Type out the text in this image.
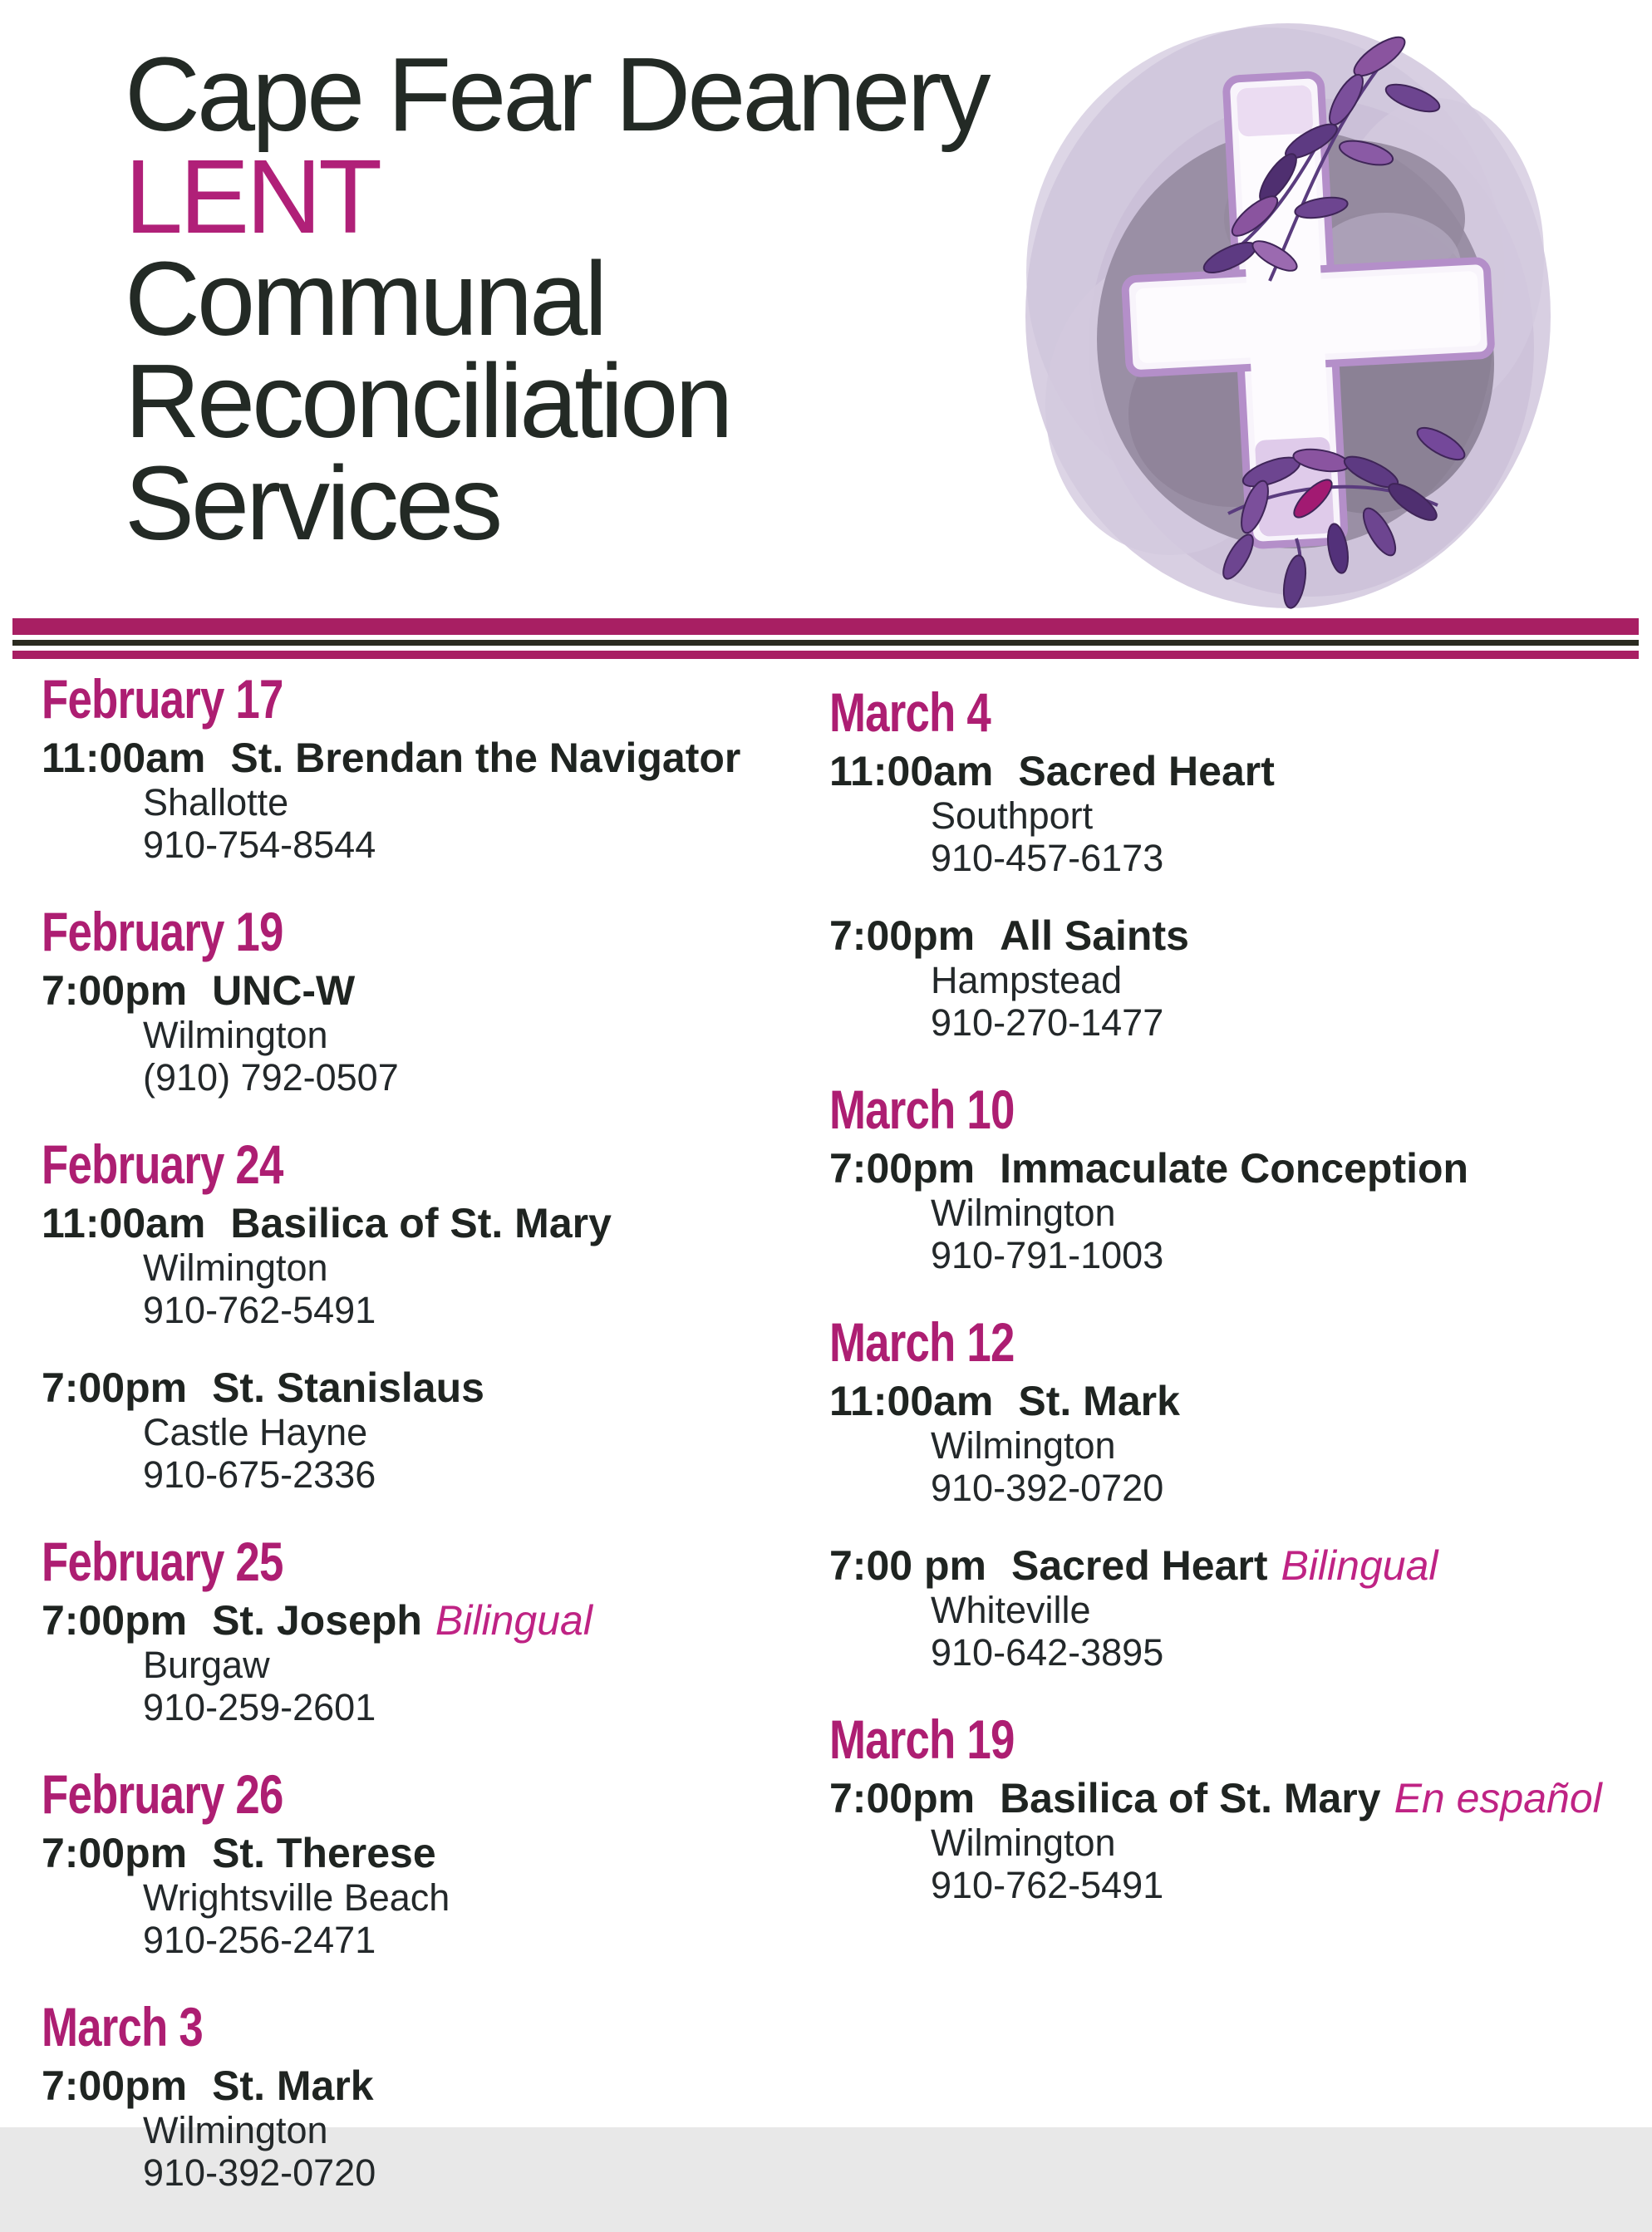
Cape Fear Deanery
LENT
Communal
Reconciliation
Services
February 17
11:00am St. Brendan the Navigator
Shallotte
910-754-8544
February 19
7:00pm UNC-W
Wilmington
(910) 792-0507
February 24
11:00am Basilica of St. Mary
Wilmington
910-762-5491
7:00pm St. Stanislaus
Castle Hayne
910-675-2336
February 25
7:00pm St. Joseph Bilingual
Burgaw
910-259-2601
February 26
7:00pm St. Therese
Wrightsville Beach
910-256-2471
March 3
7:00pm St. Mark
Wilmington
910-392-0720
March 4
11:00am Sacred Heart
Southport
910-457-6173
7:00pm All Saints
Hampstead
910-270-1477
March 10
7:00pm Immaculate Conception
Wilmington
910-791-1003
March 12
11:00am St. Mark
Wilmington
910-392-0720
7:00 pm Sacred Heart Bilingual
Whiteville
910-642-3895
March 19
7:00pm Basilica of St. Mary En español
Wilmington
910-762-5491
